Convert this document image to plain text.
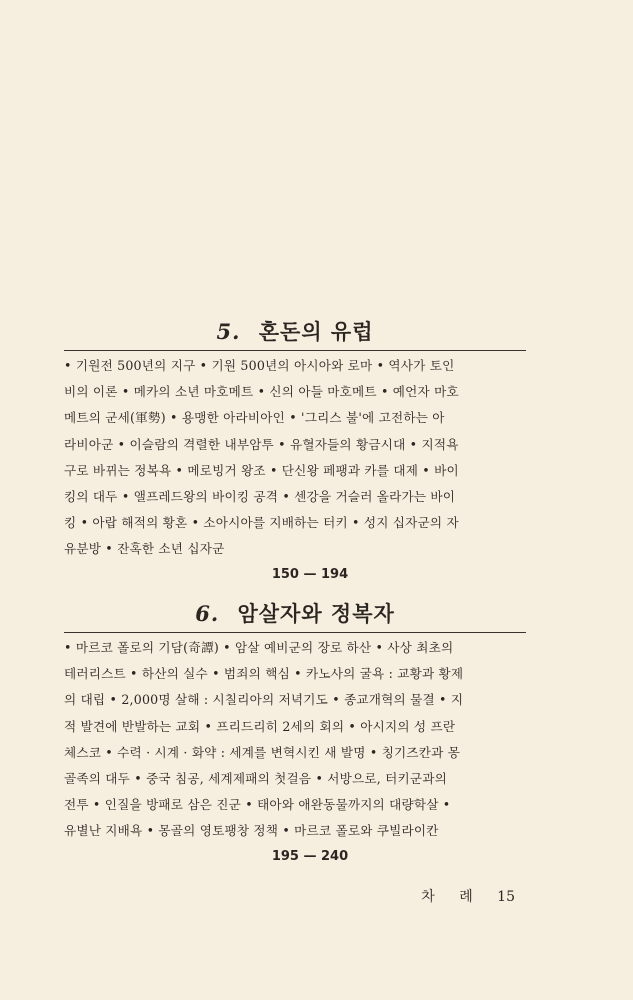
5. 혼돈의 유럽
• 기원전 500년의 지구 • 기원 500년의 아시아와 로마 • 역사가 토인
비의 이론 • 메카의 소년 마호메트 • 신의 아들 마호메트 • 예언자 마호
메트의 군세(軍勢) • 용맹한 아라비아인 • '그리스 불'에 고전하는 아
라비아군 • 이슬람의 격렬한 내부암투 • 유혈자들의 황금시대 • 지적욕
구로 바뀌는 정복욕 • 메로빙거 왕조 • 단신왕 페팽과 카를 대제 • 바이
킹의 대두 • 앨프레드왕의 바이킹 공격 • 센강을 거슬러 올라가는 바이
킹 • 아랍 해적의 황혼 • 소아시아를 지배하는 터키 • 성지 십자군의 자
유분방 • 잔혹한 소년 십자군
150 — 194
6. 암살자와 정복자
• 마르코 폴로의 기담(奇譚) • 암살 예비군의 장로 하산 • 사상 최초의
테러리스트 • 하산의 실수 • 범죄의 핵심 • 카노사의 굴욕 : 교황과 황제
의 대립 • 2,000명 살해 : 시칠리아의 저녁기도 • 종교개혁의 물결 • 지
적 발견에 반발하는 교회 • 프리드리히 2세의 회의 • 아시지의 성 프란
체스코 • 수력 · 시계 · 화약 : 세계를 변혁시킨 새 발명 • 칭기즈칸과 몽
골족의 대두 • 중국 침공, 세계제패의 첫걸음 • 서방으로, 터키군과의
전투 • 인질을 방패로 삼은 진군 • 태아와 애완동물까지의 대량학살 •
유별난 지배욕 • 몽골의 영토팽창 정책 • 마르코 폴로와 쿠빌라이칸
195 — 240
차 례 15
